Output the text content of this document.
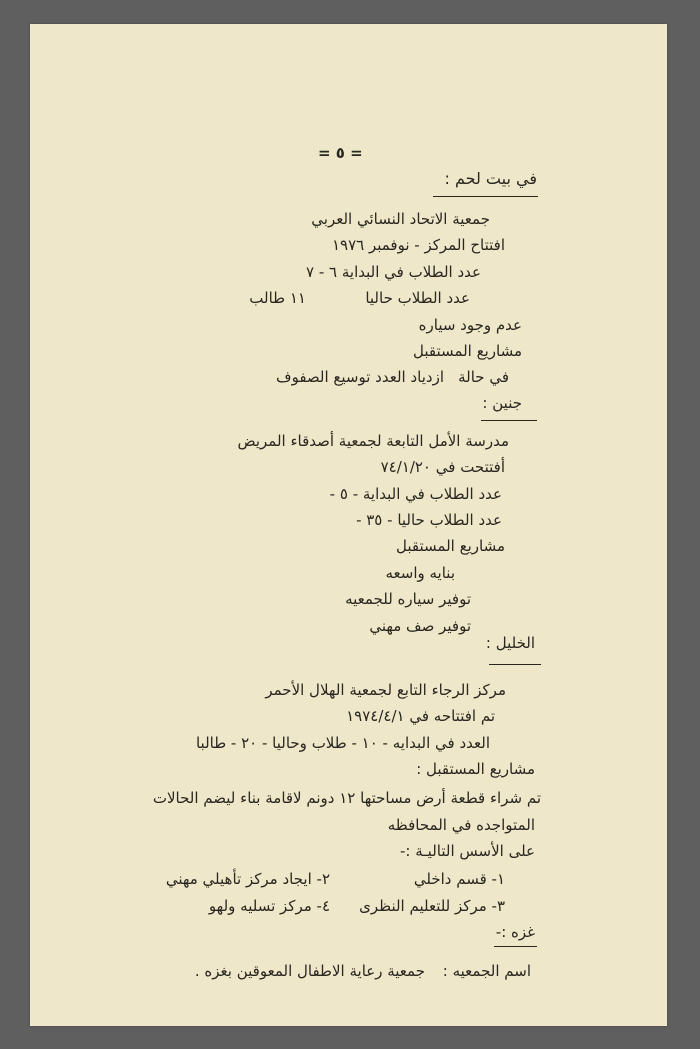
= ٥ =
في بيت لحم :
جمعية الاتحاد النسائي العربي
افتتاح المركز - نوفمبر ١٩٧٦
عدد الطلاب في البداية ٦ - ٧
عدد الطلاب حاليا
١١ طالب
عدم وجود سياره
مشاريع المستقبل
في حالة
ازدياد العدد توسيع الصفوف
جنين :
مدرسة الأمل التابعة لجمعية أصدقاء المريض
أفتتحت في ٧٤/١/٢٠
عدد الطلاب في البداية - ٥ -
عدد الطلاب حاليا - ٣٥ -
مشاريع المستقبل
بنايه واسعه
توفير سياره للجمعيه
توفير صف مهني
الخليل :
مركز الرجاء التابع لجمعية الهلال الأحمر
تم افتتاحه في ١٩٧٤/٤/١
العدد في البدايه - ١٠ - طلاب وحاليا - ٢٠ - طالبا
مشاريع المستقبل :
تم شراء قطعة أرض مساحتها ١٢ دونم لاقامة بناء ليضم الحالات
المتواجده في المحافظه
على الأسس التاليـة :-
١- قسم داخلي
٢- ايجاد مركز تأهيلي مهني
٣- مركز للتعليم النظرى
٤- مركز تسليه ولهو
غزه :-
اسم الجمعيه :
جمعية رعاية الاطفال المعوقين بغزه .
